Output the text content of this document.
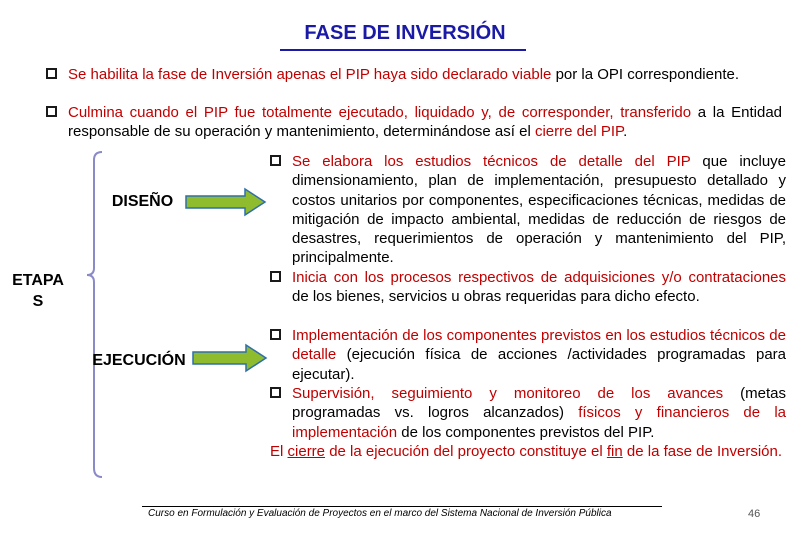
FASE DE INVERSIÓN
Se habilita la fase de Inversión apenas el PIP haya sido declarado viable por la OPI correspondiente.
Culmina cuando el PIP fue totalmente ejecutado, liquidado y, de corresponder, transferido a la Entidad responsable de su operación y mantenimiento, determinándose así el cierre del PIP.
DISEÑO
ETAPA
S
EJECUCIÓN
Se elabora los estudios técnicos de detalle del PIP que incluye dimensionamiento, plan de implementación, presupuesto detallado y costos unitarios por componentes, especificaciones técnicas, medidas de mitigación de impacto ambiental, medidas de reducción de riesgos de desastres, requerimientos de operación y mantenimiento del PIP, principalmente.
Inicia con los procesos respectivos de adquisiciones y/o contrataciones de los bienes, servicios u obras requeridas para dicho efecto.
Implementación de los componentes previstos en los estudios técnicos de detalle (ejecución física de acciones /actividades programadas para ejecutar).
Supervisión, seguimiento y monitoreo de los avances (metas programadas vs. logros alcanzados) físicos y financieros de la implementación de los componentes previstos del PIP.
El cierre de la ejecución del proyecto constituye el fin de la fase de Inversión.
Curso en Formulación y Evaluación de Proyectos en el marco del Sistema Nacional de Inversión Pública	46
